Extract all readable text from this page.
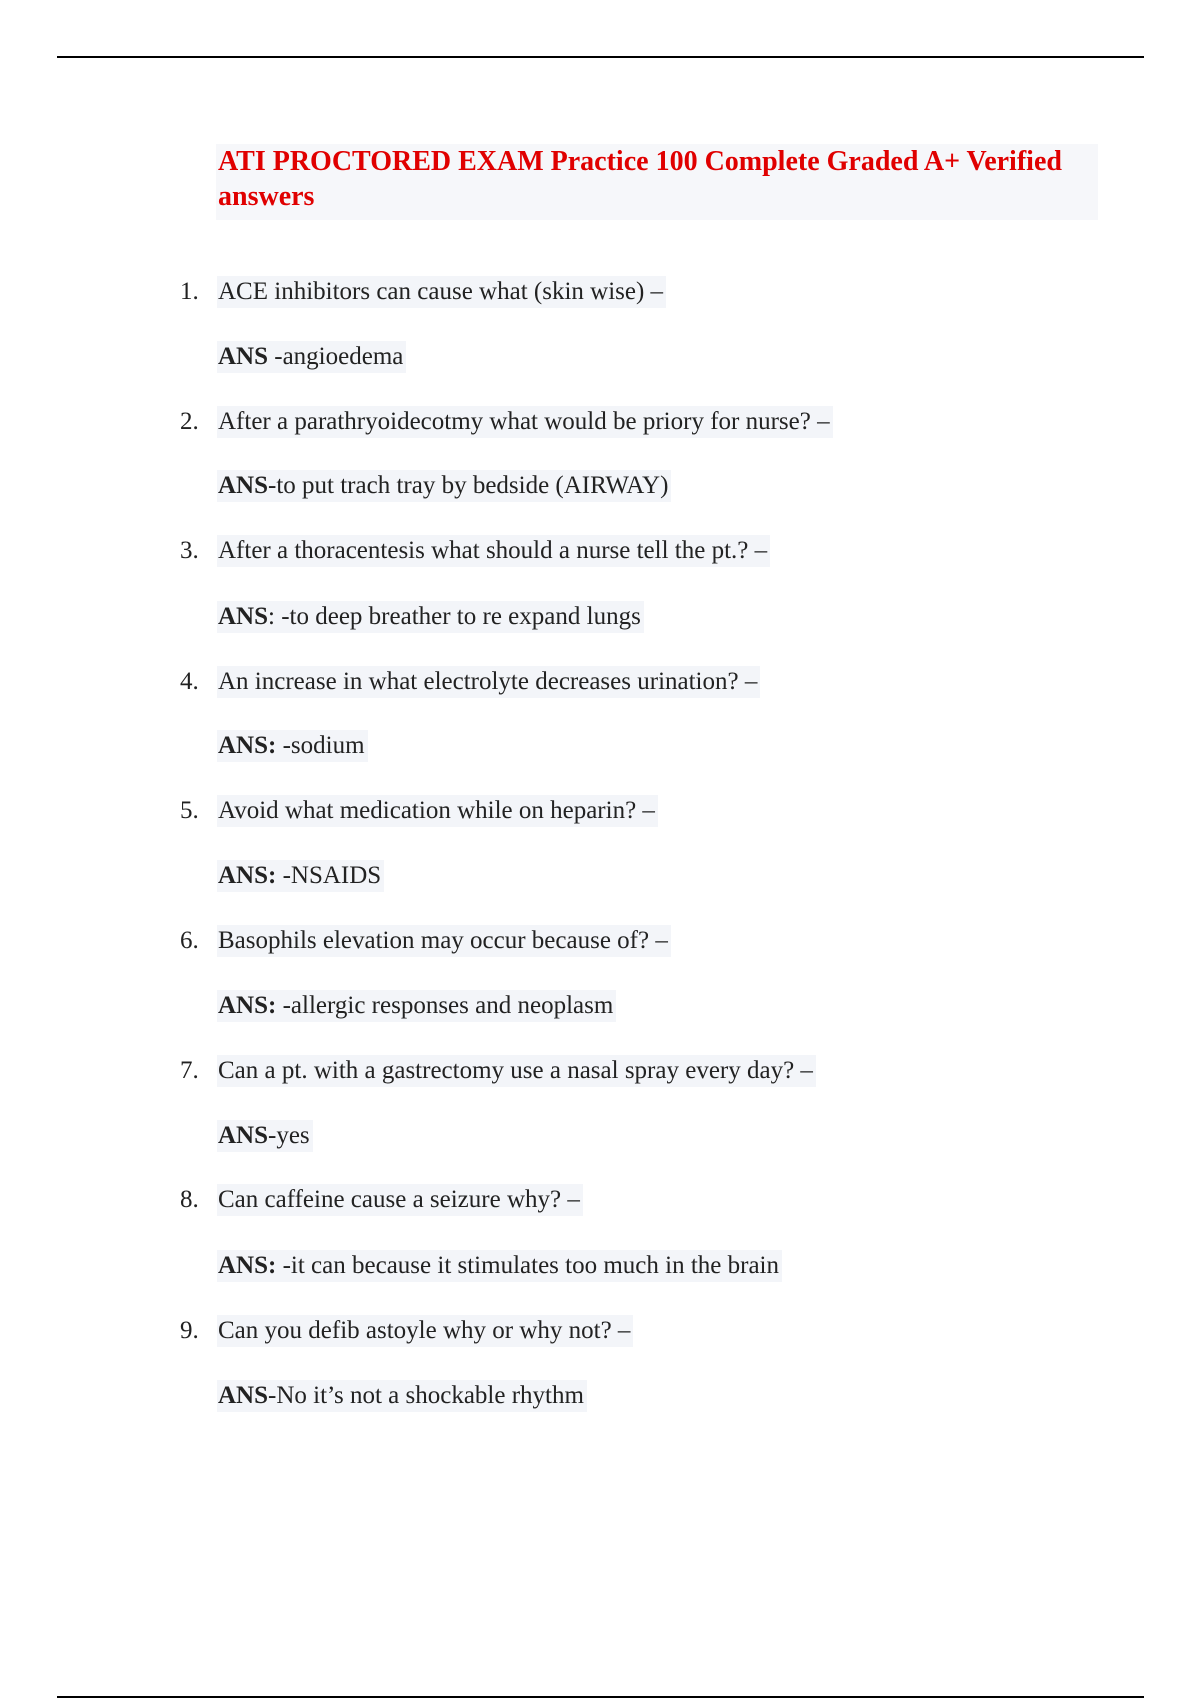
ATI PROCTORED EXAM Practice 100 Complete Graded A+ Verified answers
1. ACE inhibitors can cause what (skin wise) –
ANS -angioedema
2. After a parathryoidecotmy what would be priory for nurse? –
ANS-to put trach tray by bedside (AIRWAY)
3. After a thoracentesis what should a nurse tell the pt.? –
ANS: -to deep breather to re expand lungs
4. An increase in what electrolyte decreases urination? –
ANS: -sodium
5. Avoid what medication while on heparin? –
ANS: -NSAIDS
6. Basophils elevation may occur because of? –
ANS: -allergic responses and neoplasm
7. Can a pt. with a gastrectomy use a nasal spray every day? –
ANS-yes
8. Can caffeine cause a seizure why? –
ANS: -it can because it stimulates too much in the brain
9. Can you defib astoyle why or why not? –
ANS-No it’s not a shockable rhythm
